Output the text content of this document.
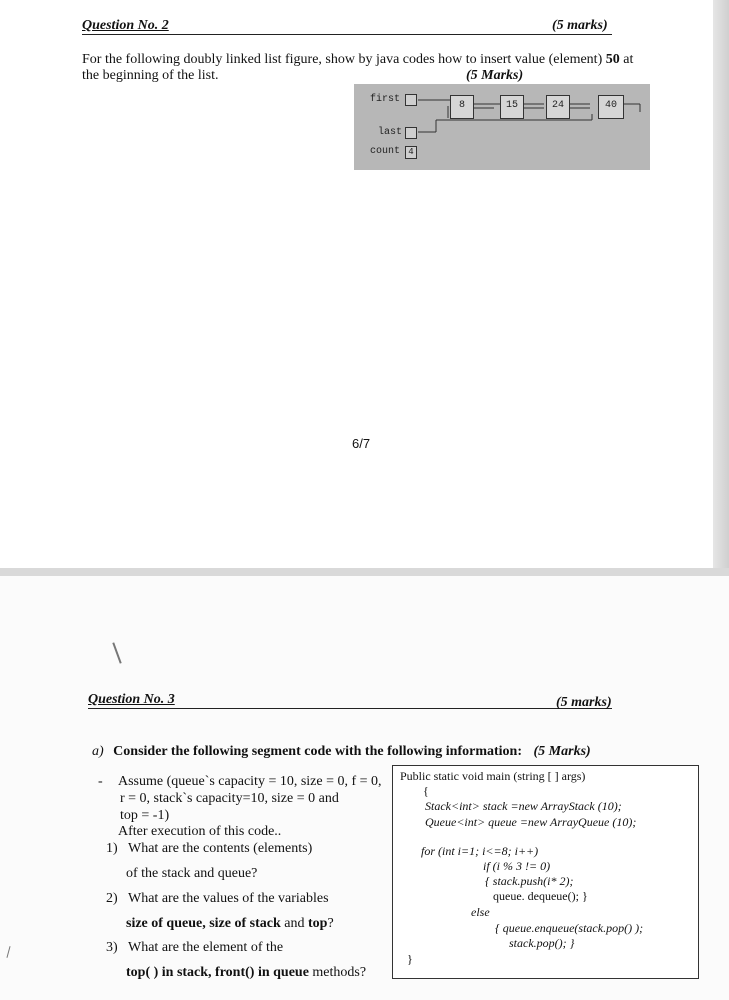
Question No. 2	(5 marks)
For the following doubly linked list figure, show by java codes how to insert value (element) 50 at
the beginning of the list.	(5 Marks)
first
last
count 4
8	15	24	40
6/7
Question No. 3	(5 marks)
a) Consider the following segment code with the following information: (5 Marks)
- Assume (queue`s capacity = 10, size = 0, f = 0,
r = 0, stack`s capacity=10, size = 0 and
top = -1)
After execution of this code..
1) What are the contents (elements)
of the stack and queue?
2) What are the values of the variables
size of queue, size of stack and top?
3) What are the element of the
top( ) in stack, front() in queue methods?
Public static void main (string [ ] args)
{
Stack<int> stack =new ArrayStack (10);
Queue<int> queue =new ArrayQueue (10);
for (int i=1; i<=8; i++)
if (i % 3 != 0)
{ stack.push(i* 2);
queue. dequeue(); }
else
{ queue.enqueue(stack.pop() );
stack.pop(); }
}
